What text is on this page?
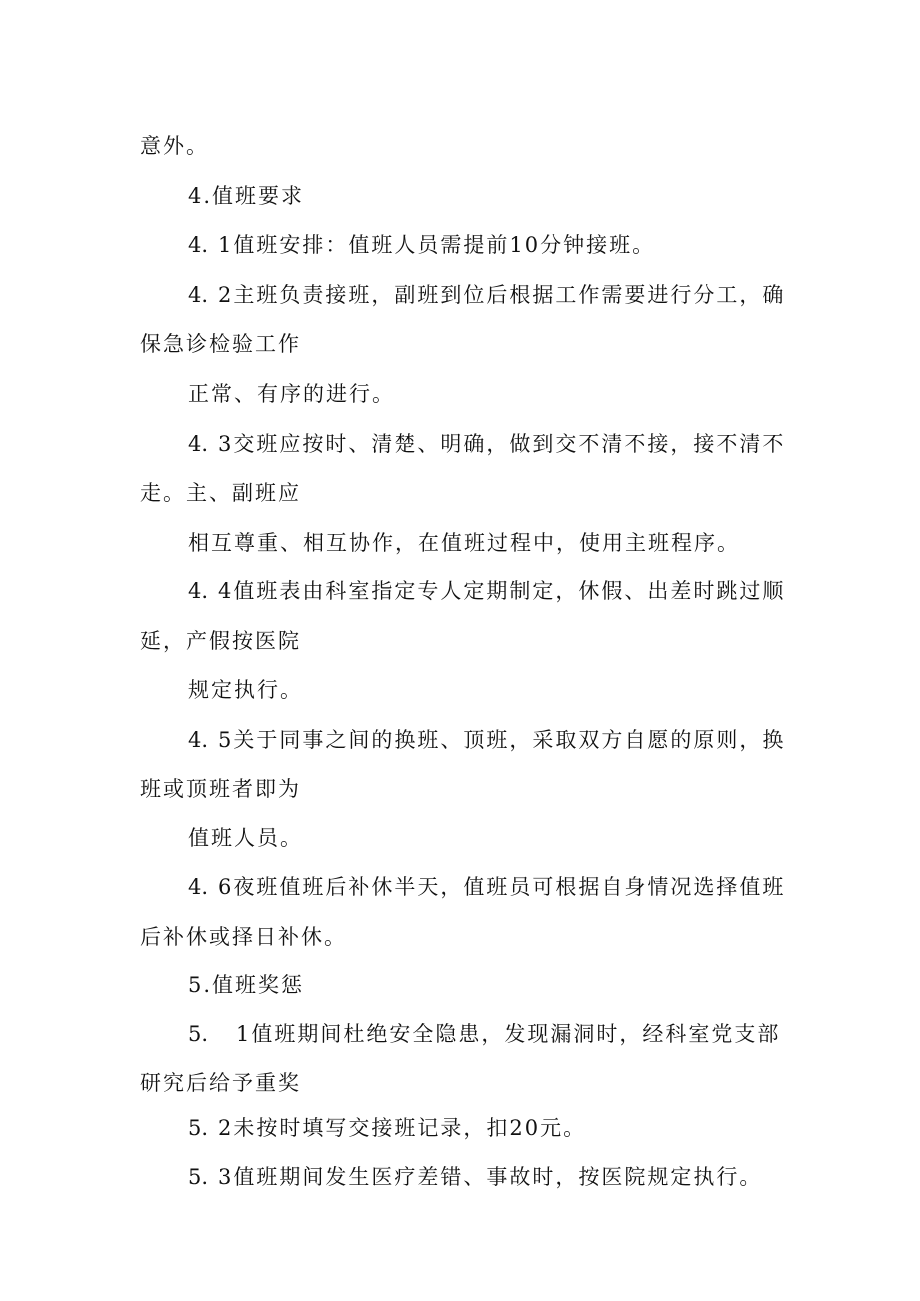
意外。
4.值班要求
4. 1值班安排：值班人员需提前10分钟接班。
4. 2主班负责接班，副班到位后根据工作需要进行分工，确
保急诊检验工作
正常、有序的进行。
4. 3交班应按时、清楚、明确，做到交不清不接，接不清不
走。主、副班应
相互尊重、相互协作，在值班过程中，使用主班程序。
4. 4值班表由科室指定专人定期制定，休假、出差时跳过顺
延，产假按医院
规定执行。
4. 5关于同事之间的换班、顶班，采取双方自愿的原则，换
班或顶班者即为
值班人员。
4. 6夜班值班后补休半天，值班员可根据自身情况选择值班
后补休或择日补休。
5.值班奖惩
5. 1值班期间杜绝安全隐患，发现漏洞时，经科室党支部
研究后给予重奖
5. 2未按时填写交接班记录，扣20元。
5. 3值班期间发生医疗差错、事故时，按医院规定执行。
